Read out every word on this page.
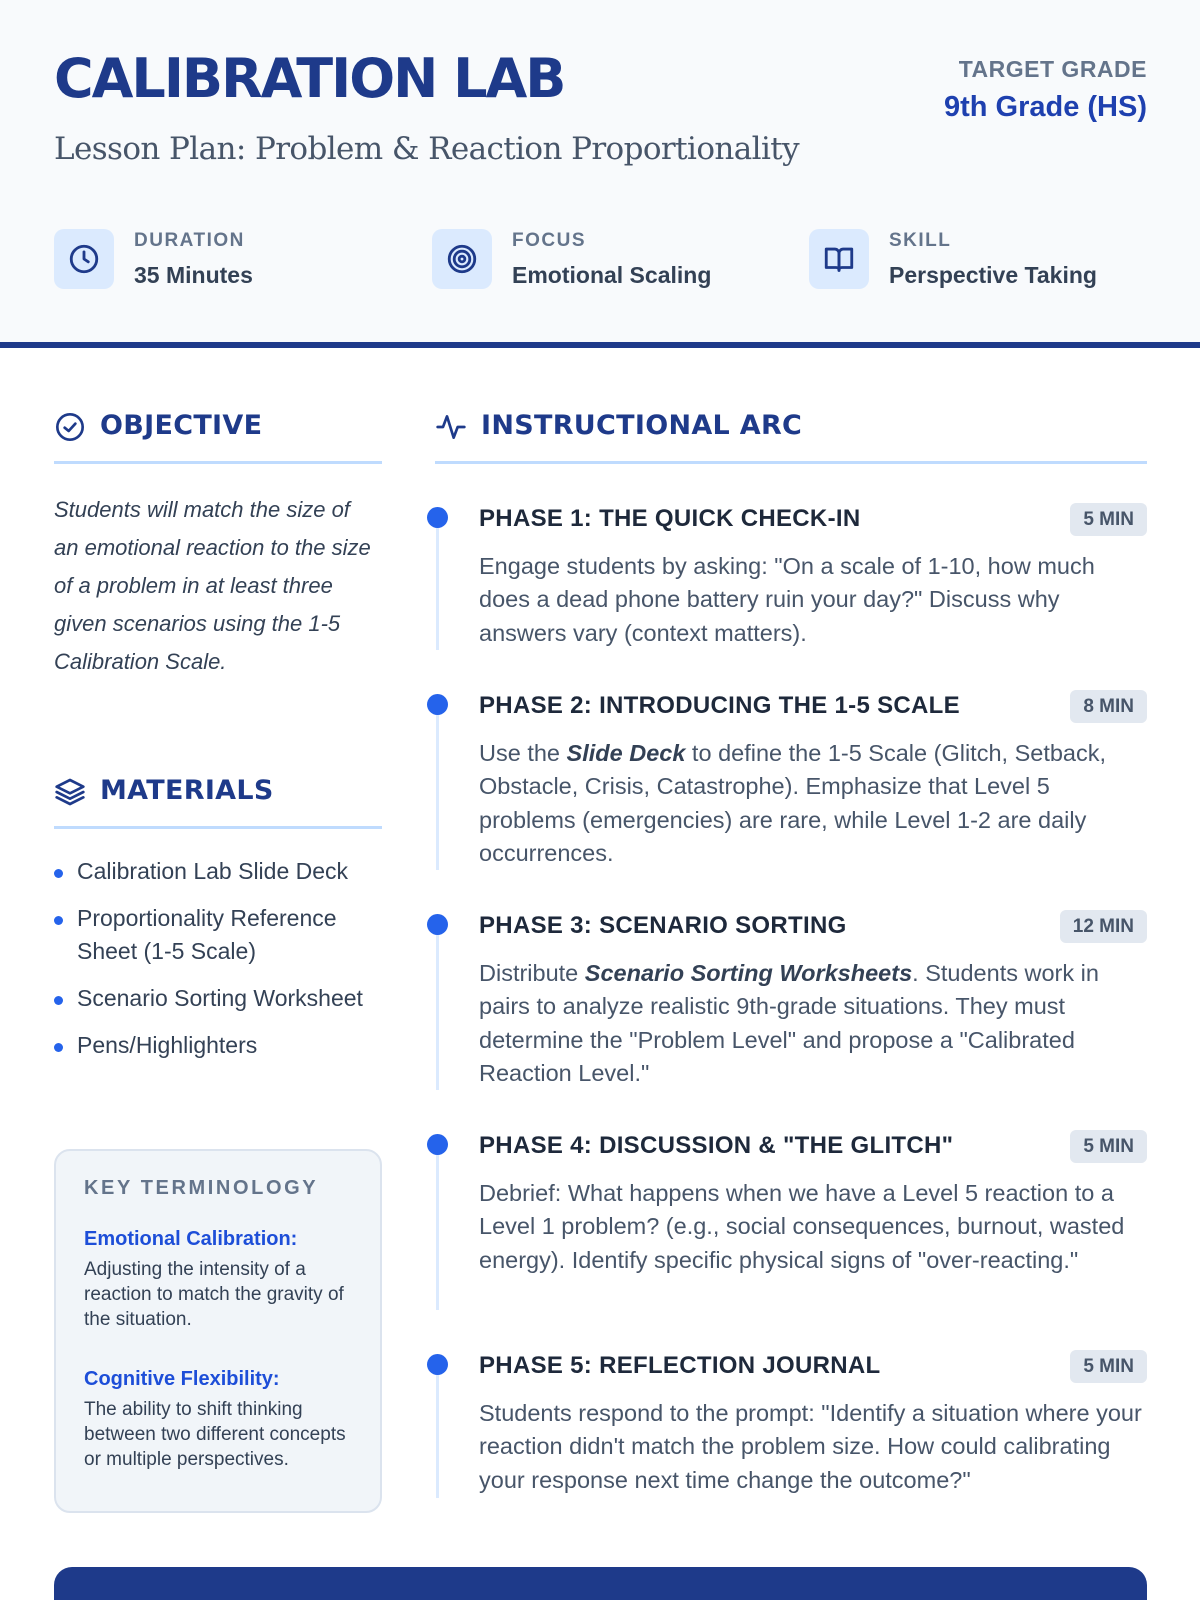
CALIBRATION LAB
Lesson Plan: Problem & Reaction Proportionality
TARGET GRADE
9th Grade (HS)
DURATION
35 Minutes
FOCUS
Emotional Scaling
SKILL
Perspective Taking
OBJECTIVE
Students will match the size of an emotional reaction to the size of a problem in at least three given scenarios using the 1-5 Calibration Scale.
MATERIALS
Calibration Lab Slide Deck
Proportionality Reference Sheet (1-5 Scale)
Scenario Sorting Worksheet
Pens/Highlighters
KEY TERMINOLOGY
Emotional Calibration:
Adjusting the intensity of a reaction to match the gravity of the situation.
Cognitive Flexibility:
The ability to shift thinking between two different concepts or multiple perspectives.
INSTRUCTIONAL ARC
PHASE 1: THE QUICK CHECK-IN	5 MIN
Engage students by asking: "On a scale of 1-10, how much does a dead phone battery ruin your day?" Discuss why answers vary (context matters).
PHASE 2: INTRODUCING THE 1-5 SCALE	8 MIN
Use the Slide Deck to define the 1-5 Scale (Glitch, Setback, Obstacle, Crisis, Catastrophe). Emphasize that Level 5 problems (emergencies) are rare, while Level 1-2 are daily occurrences.
PHASE 3: SCENARIO SORTING	12 MIN
Distribute Scenario Sorting Worksheets. Students work in pairs to analyze realistic 9th-grade situations. They must determine the "Problem Level" and propose a "Calibrated Reaction Level."
PHASE 4: DISCUSSION & "THE GLITCH"	5 MIN
Debrief: What happens when we have a Level 5 reaction to a Level 1 problem? (e.g., social consequences, burnout, wasted energy). Identify specific physical signs of "over-reacting."
PHASE 5: REFLECTION JOURNAL	5 MIN
Students respond to the prompt: "Identify a situation where your reaction didn't match the problem size. How could calibrating your response next time change the outcome?"
